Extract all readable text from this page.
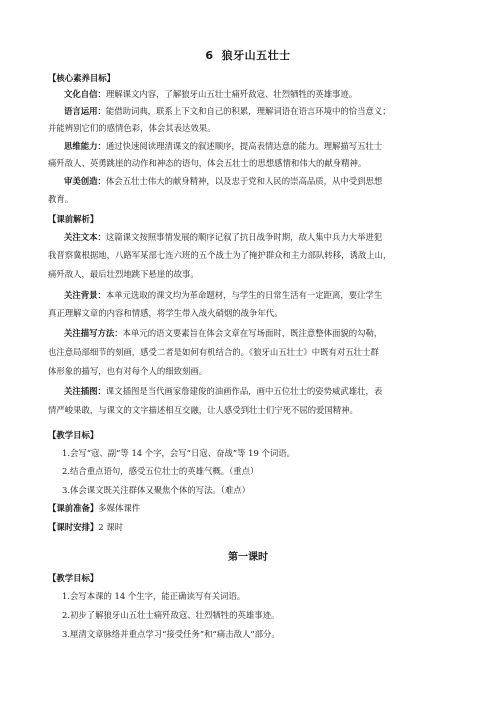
6 狼牙山五壮士
【核心素养目标】
文化自信：理解课文内容，了解狼牙山五壮士痛歼敌寇、壮烈牺牲的英雄事迹。
语言运用：能借助词典，联系上下文和自己的积累，理解词语在语言环境中的恰当意义；
并能辨别它们的感情色彩，体会其表达效果。
思维能力：通过快速阅读理清课文的叙述顺序，提高表情达意的能力。理解描写五壮士
痛歼敌人、英勇跳崖的动作和神态的语句，体会五壮士的思想感情和伟大的献身精神。
审美创造：体会五壮士伟大的献身精神，以及忠于党和人民的崇高品质，从中受到思想
教育。
【课前解析】
关注文本：这篇课文按照事情发展的顺序记叙了抗日战争时期，敌人集中兵力大举进犯
我晋察冀根据地，八路军某部七连六班的五个战士为了掩护群众和主力部队转移，诱敌上山，
痛歼敌人，最后壮烈地跳下悬崖的故事。
关注背景：本单元选取的课文均为革命题材，与学生的日常生活有一定距离，要让学生
真正理解文章的内容和情感，将学生带入战火硝烟的战争年代。
关注描写方法：本单元的语文要素旨在体会文章在写场面时，既注意整体面貌的勾勒，
也注意局部细节的刻画，感受二者是如何有机结合的。《狼牙山五壮士》中既有对五壮士群
体形象的描写，也有对每个人的细致刻画。
关注插图：课文插图是当代画家詹建俊的油画作品，画中五位壮士的姿势威武雄壮，表
情严峻果敢，与课文的文字描述相互交融，让人感受到壮士们宁死不屈的爱国精神。
【教学目标】
1.会写“寇、副”等 14 个字，会写“日寇、奋战”等 19 个词语。
2.结合重点语句，感受五位壮士的英雄气概。（重点）
3.体会课文既关注群体又聚焦个体的写法。（难点）
【课前准备】多媒体课件
【课时安排】2 课时
第一课时
【教学目标】
1.会写本课的 14 个生字，能正确读写有关词语。
2.初步了解狼牙山五壮士痛歼敌寇、壮烈牺牲的英雄事迹。
3.厘清文章脉络并重点学习“接受任务”和“痛击敌人”部分。
